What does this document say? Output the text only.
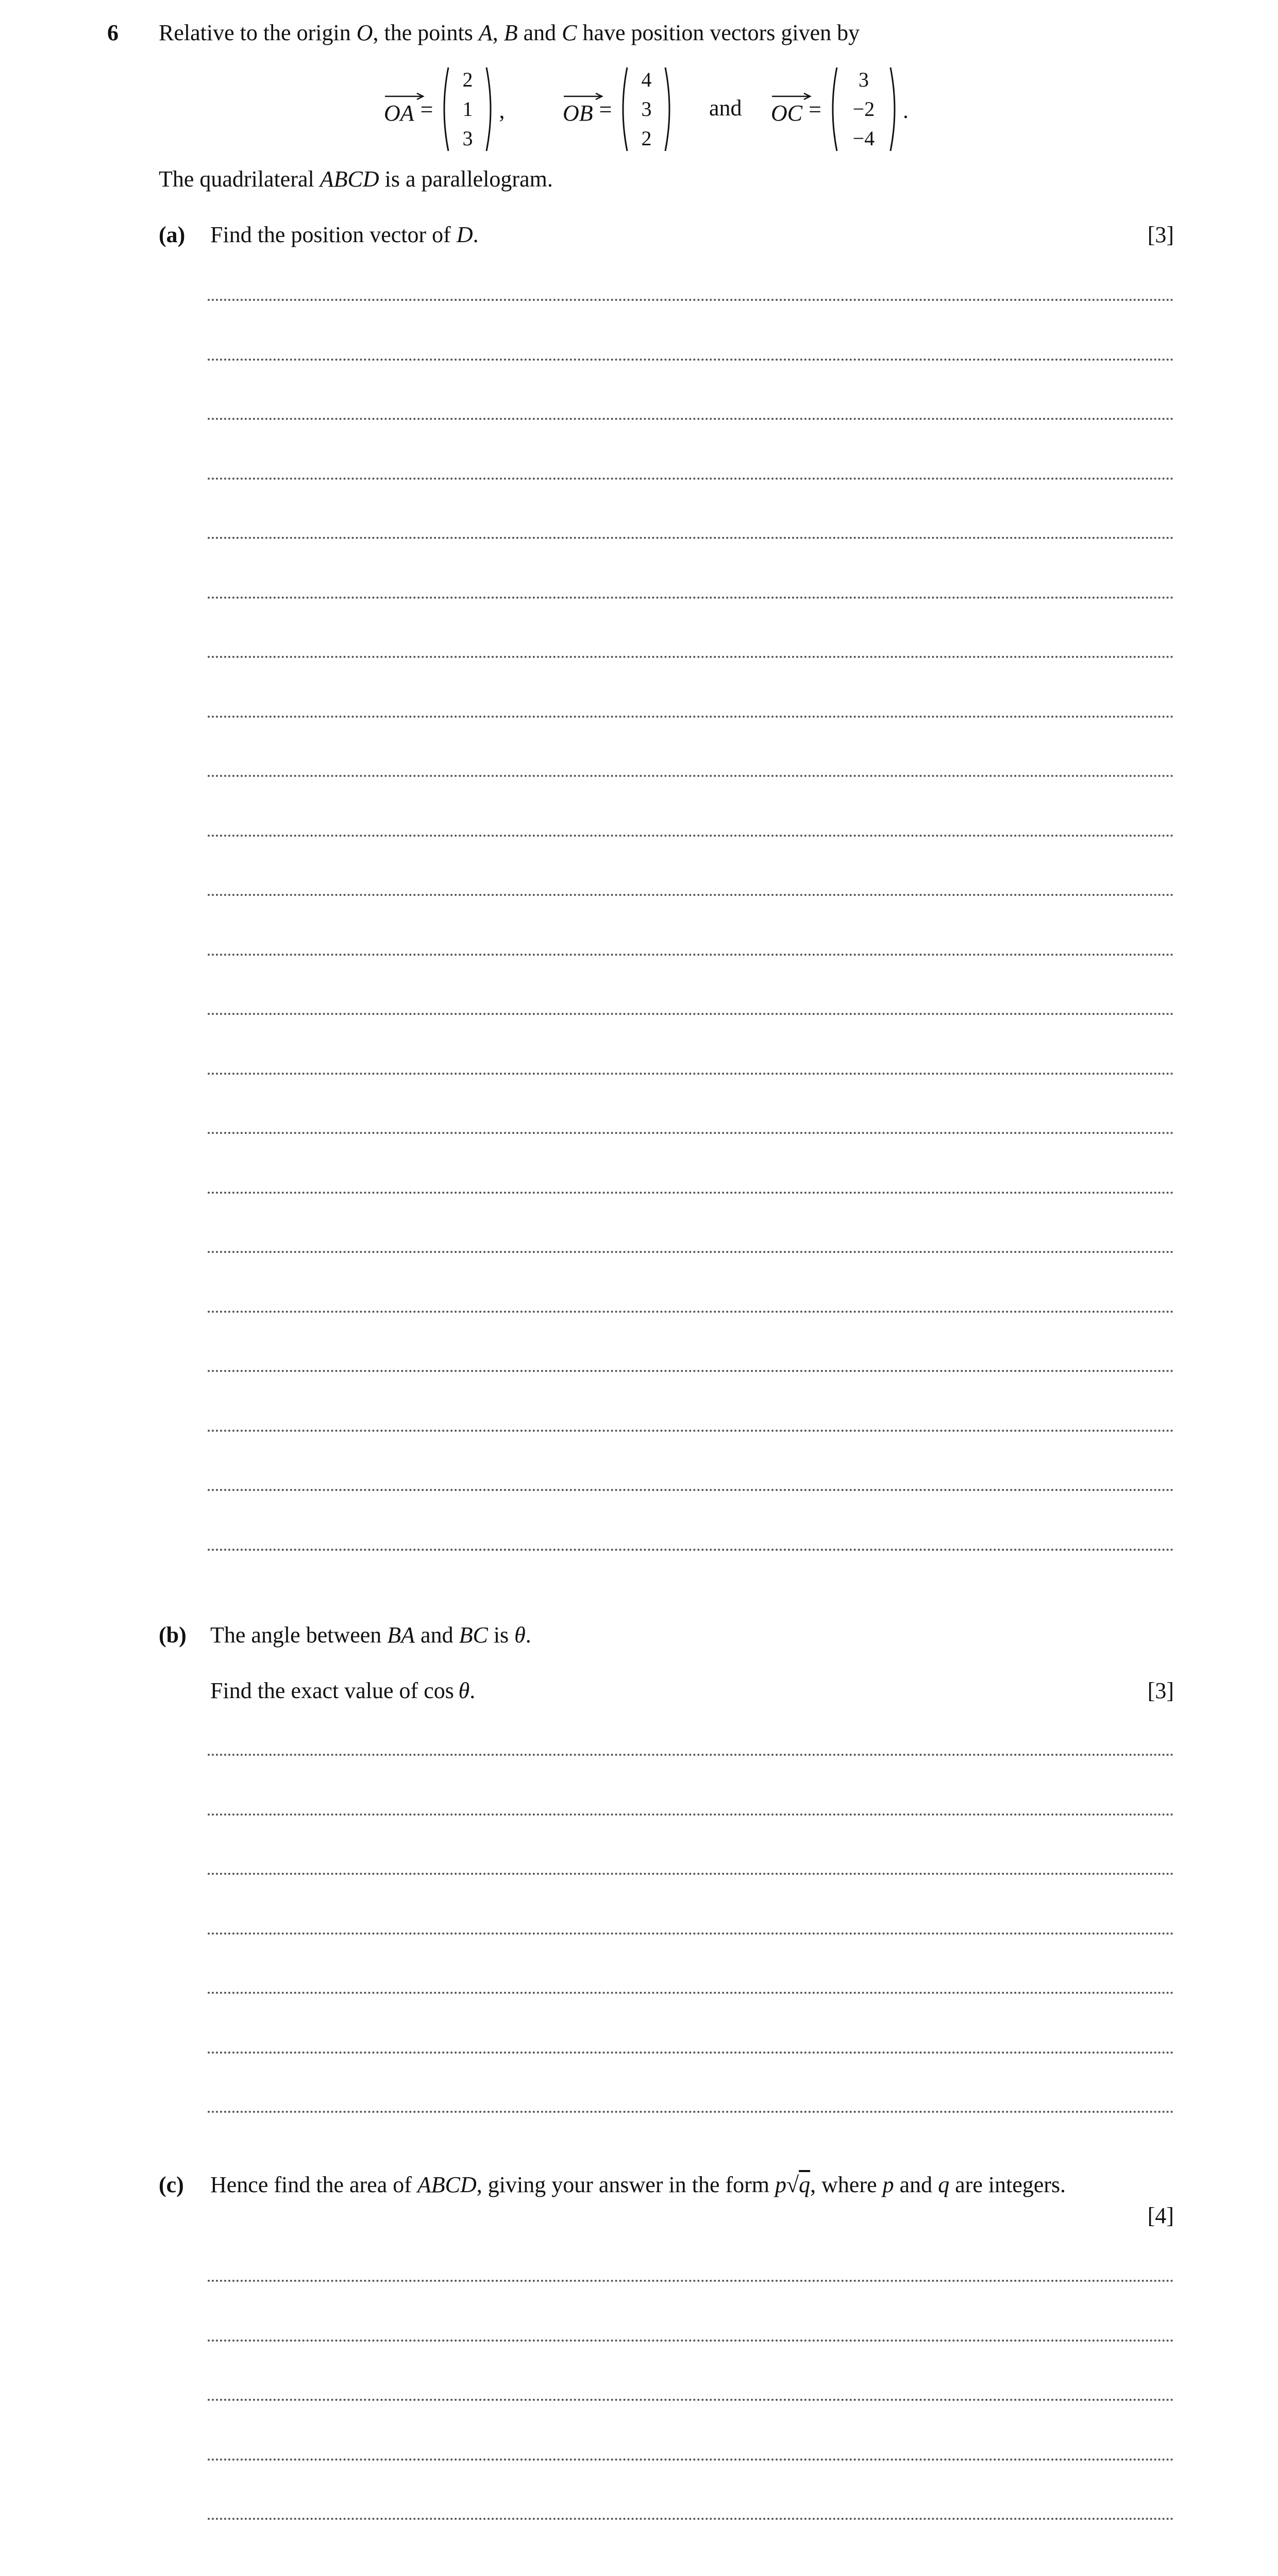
6 Relative to the origin O, the points A, B and C have position vectors given by
OA =
2
1
3
,	OB =
4
3
2
and OC =
3
−2
−4
.
The quadrilateral ABCD is a parallelogram.
(a) Find the position vector of D.	[3]
(b) The angle between BA and BC is θ.
Find the exact value of cos θ.	[3]
(c) Hence find the area of ABCD, giving your answer in the form p√q, where p and q are integers.
[4]
